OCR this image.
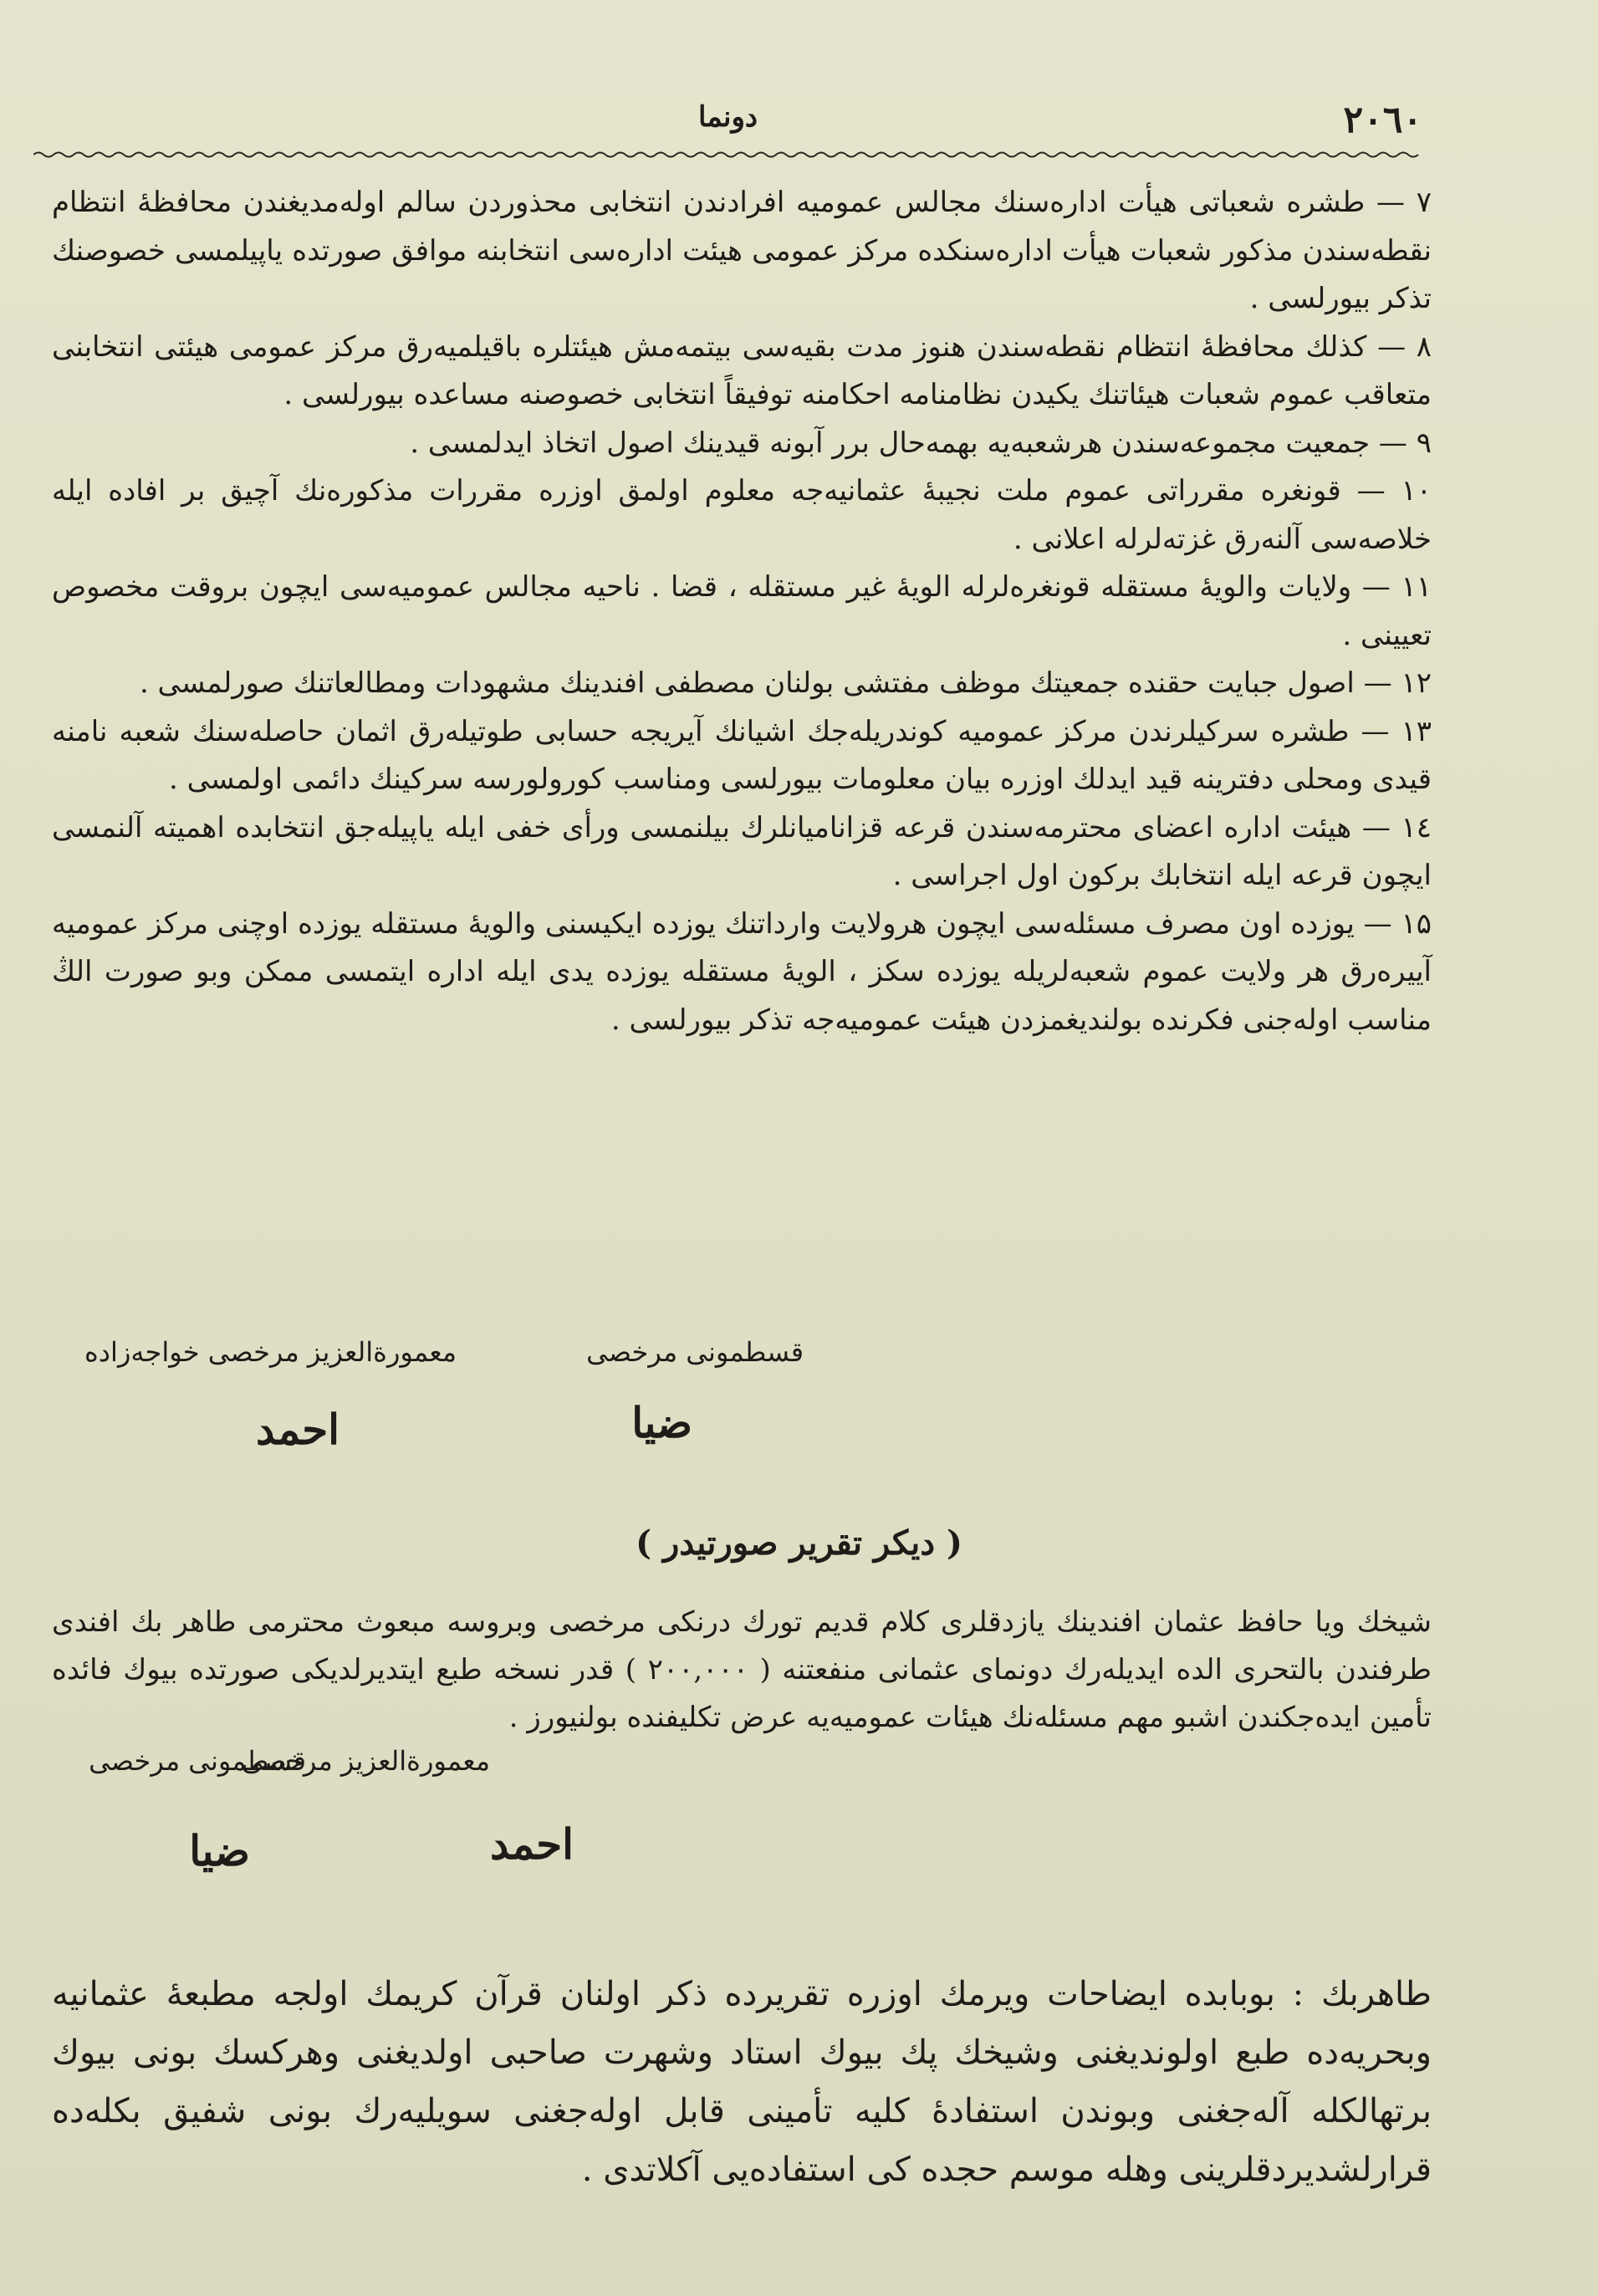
۲۰٦۰
دونما

۷ — طشره شعباتی هیأت ادارەسنك مجالس عمومیه افرادندن انتخابی محذوردن سالم اولەمدیغندن محافظهٔ انتظام نقطەسندن مذكور شعبات هیأت ادارەسنكده مركز عمومی هیئت ادارەسی انتخابنه موافق صورتده یاپیلمسی خصوصنك تذكر بیورلسی .

۸ — كذلك محافظهٔ انتظام نقطەسندن هنوز مدت بقیەسی بیتمەمش هیئتلره باقیلمیەرق مركز عمومی هیئتی انتخابنی متعاقب عموم شعبات هیئاتنك یكیدن نظامنامه احكامنه توفیقاً انتخابی خصوصنه مساعده بیورلسی .

۹ — جمعیت مجموعەسندن هرشعبەیه بهمەحال برر آبونه قیدینك اصول اتخاذ ایدلمسی .

۱۰ — قونغره مقرراتی عموم ملت نجیبهٔ عثمانیەجه معلوم اولمق اوزره مقررات مذكورەنك آچیق بر افاده ایله خلاصەسی آلنەرق غزتەلرله اعلانی .

۱۱ — ولایات والویهٔ مستقله قونغرەلرله الویهٔ غیر مستقله ، قضا . ناحیه مجالس عمومیەسی ایچون بروقت مخصوص تعیینی .

۱۲ — اصول جبایت حقنده جمعیتك موظف مفتشی بولنان مصطفی افندینك مشهودات ومطالعاتنك صورلمسی .

۱۳ — طشره سركیلرندن مركز عمومیه كوندریلەجك اشیانك آیریجه حسابی طوتیلەرق اثمان حاصلەسنك شعبه نامنه قیدی ومحلی دفترینه قید ایدلك اوزره بیان معلومات بیورلسی ومناسب كورولورسه سركینك دائمی اولمسی .

۱٤ — هیئت اداره اعضای محترمەسندن قرعه قزانامیانلرك بیلنمسی ورأی خفی ایله یاپیلەجق انتخابده اهمیته آلنمسی ایچون قرعه ایله انتخابك بركون اول اجراسی .

۱۵ — یوزده اون مصرف مسئلەسی ایچون هرولایت وارداتنك یوزده ایكیسنی والویهٔ مستقله یوزده اوچنی مركز عمومیه آییرەرق هر ولایت عموم شعبەلریله یوزده سكز ، الویهٔ مستقله یوزده یدی ایله اداره ایتمسی ممكن وبو صورت الڭ مناسب اولەجنی فكرنده بولندیغمزدن هیئت عمومیەجه تذكر بیورلسی .

قسطمونی مرخصی
معمورةالعزیز مرخصی خواجەزاده
ضیا
احمد
( دیكر تقریر صورتیدر )
شیخك ویا حافظ عثمان افندینك یازدقلری كلام قدیم تورك درنكی مرخصی وبروسه مبعوث محترمی طاهر بك افندی طرفندن بالتحری الده ایدیلەرك دونمای عثمانی منفعتنه ( ۲۰۰,۰۰۰ ) قدر نسخه طبع ایتدیرلدیكی صورتده بیوك فائده تأمین ایدەجكندن اشبو مهم مسئلەنك هیئات عمومیەیه عرض تكلیفنده بولنیورز .
معمورةالعزیز مرخصی
قسطمونی مرخصی
احمد
ضیا
طاهربك : بوبابده ایضاحات ویرمك اوزره تقریرده ذكر اولنان قرآن كریمك اولجه مطبعهٔ عثمانیه وبحریەده طبع اولوندیغنی وشیخك پك بیوك استاد وشهرت صاحبی اولدیغنی وهركسك بونی بیوك برتهالكله آلەجغنی وبوندن استفادهٔ كلیه تأمینی قابل اولەجغنی سویلیەرك بونی شفیق بكلەده قرارلشدیردقلرینی وهله موسم حجده كی استفادەیی آكلاتدی .
